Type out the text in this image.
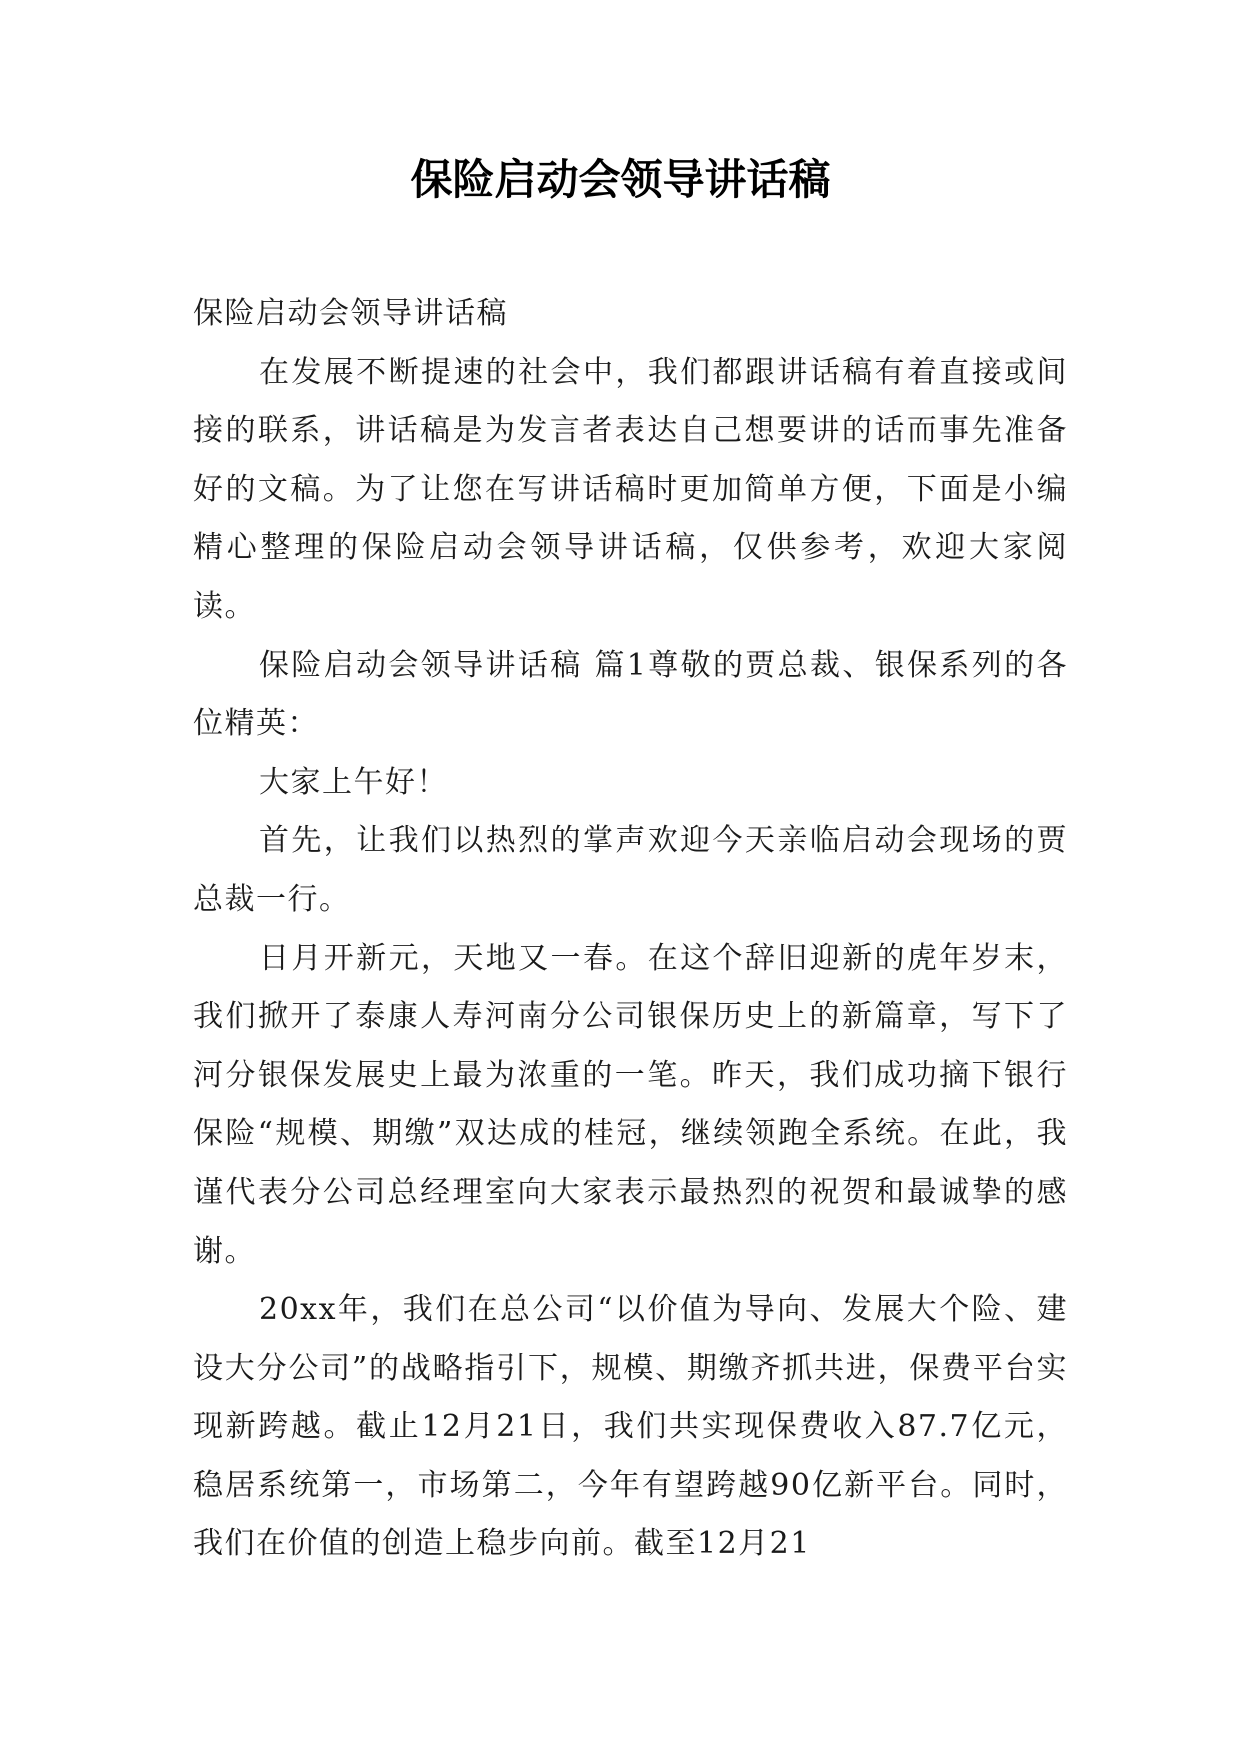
保险启动会领导讲话稿

保险启动会领导讲话稿

在发展不断提速的社会中，我们都跟讲话稿有着直接或间接的联系，讲话稿是为发言者表达自己想要讲的话而事先准备好的文稿。为了让您在写讲话稿时更加简单方便，下面是小编精心整理的保险启动会领导讲话稿，仅供参考，欢迎大家阅读。

保险启动会领导讲话稿 篇1尊敬的贾总裁、银保系列的各位精英：

大家上午好！

首先，让我们以热烈的掌声欢迎今天亲临启动会现场的贾总裁一行。

日月开新元，天地又一春。在这个辞旧迎新的虎年岁末，我们掀开了泰康人寿河南分公司银保历史上的新篇章，写下了河分银保发展史上最为浓重的一笔。昨天，我们成功摘下银行保险“规模、期缴”双达成的桂冠，继续领跑全系统。在此，我谨代表分公司总经理室向大家表示最热烈的祝贺和最诚挚的感谢。

20xx年，我们在总公司“以价值为导向、发展大个险、建设大分公司”的战略指引下，规模、期缴齐抓共进，保费平台实现新跨越。截止12月21日，我们共实现保费收入87.7亿元，稳居系统第一，市场第二，今年有望跨越90亿新平台。同时，我们在价值的创造上稳步向前。截至12月21
